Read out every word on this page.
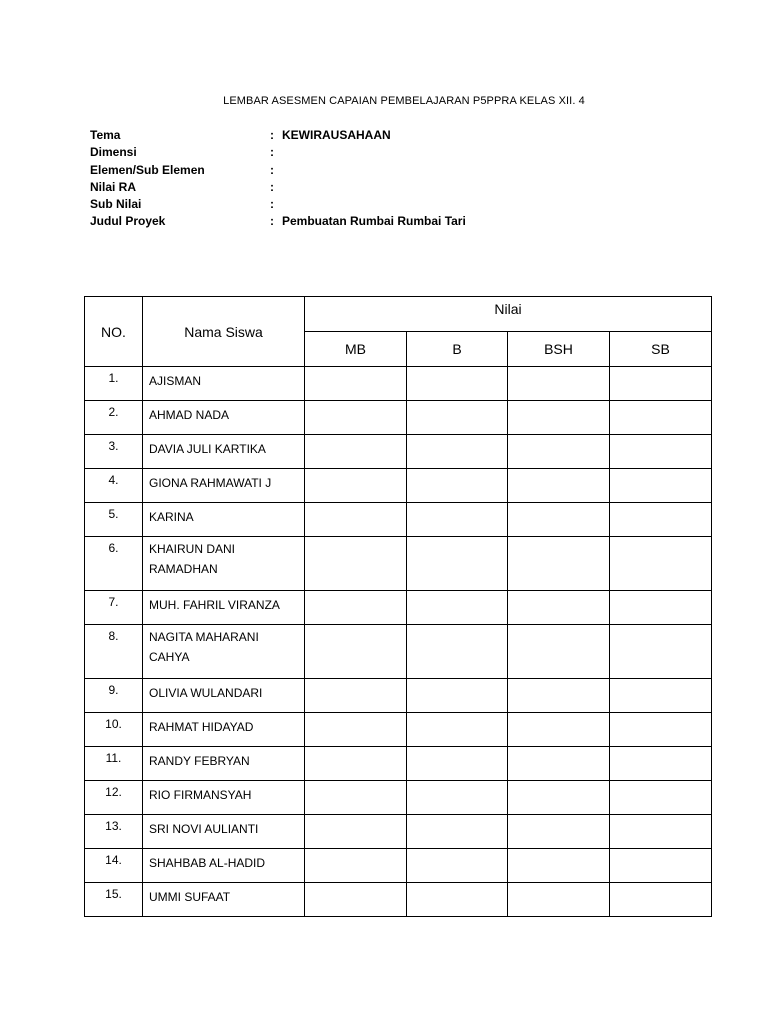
LEMBAR ASESMEN CAPAIAN PEMBELAJARAN P5PPRA KELAS XII. 4
Tema	: KEWIRAUSAHAAN
Dimensi	:
Elemen/Sub Elemen	:
Nilai RA	:
Sub Nilai	:
Judul Proyek	: Pembuatan Rumbai Rumbai Tari
NO.	Nama Siswa	Nilai			
		MB	B	BSH	SB
1.	AJISMAN				
2.	AHMAD NADA				
3.	DAVIA JULI KARTIKA				
4.	GIONA RAHMAWATI J				
5.	KARINA				
6.	KHAIRUN DANI RAMADHAN				
7.	MUH. FAHRIL VIRANZA				
8.	NAGITA MAHARANI CAHYA				
9.	OLIVIA WULANDARI				
10.	RAHMAT HIDAYAD				
11.	RANDY FEBRYAN				
12.	RIO FIRMANSYAH				
13.	SRI NOVI AULIANTI				
14.	SHAHBAB AL-HADID				
15.	UMMI SUFAAT				
